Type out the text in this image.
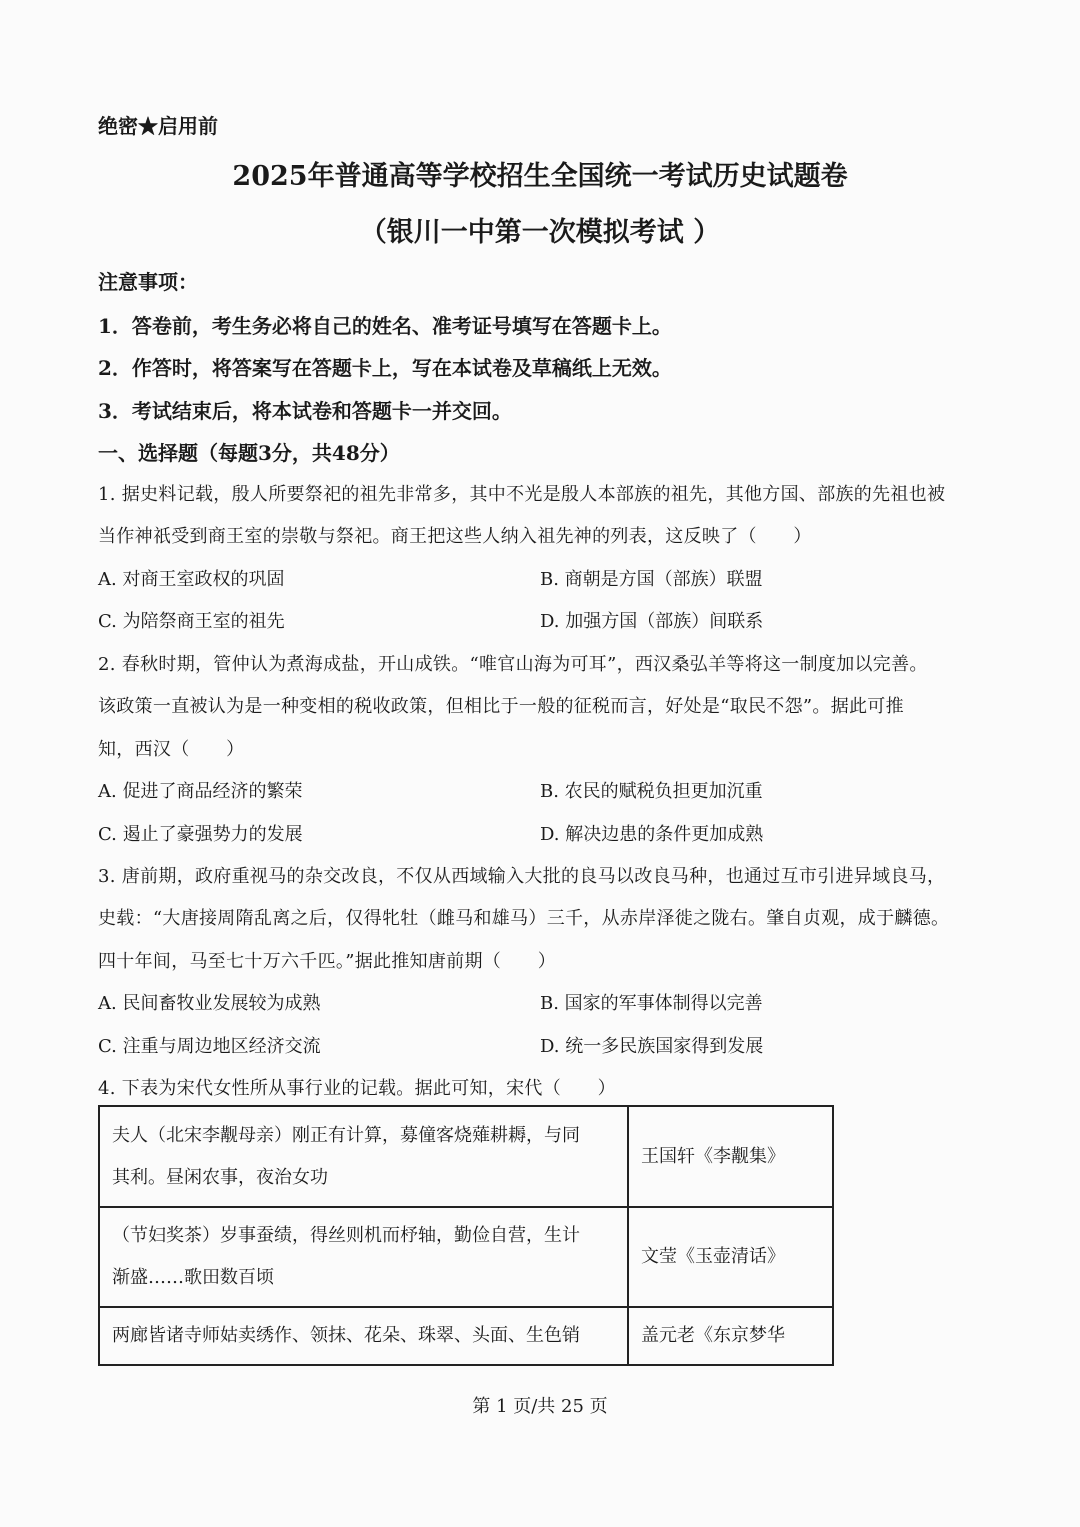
绝密★启用前
2025年普通高等学校招生全国统一考试历史试题卷
（银川一中第一次模拟考试 ）
注意事项：
1．答卷前，考生务必将自己的姓名、准考证号填写在答题卡上。
2．作答时，将答案写在答题卡上，写在本试卷及草稿纸上无效。
3．考试结束后，将本试卷和答题卡一并交回。
一、选择题（每题3分，共48分）
1. 据史料记载，殷人所要祭祀的祖先非常多，其中不光是殷人本部族的祖先，其他方国、部族的先祖也被
当作神祇受到商王室的崇敬与祭祀。商王把这些人纳入祖先神的列表，这反映了（　　）
A. 对商王室政权的巩固	B. 商朝是方国（部族）联盟
C. 为陪祭商王室的祖先	D. 加强方国（部族）间联系
2. 春秋时期，管仲认为煮海成盐，开山成铁。“唯官山海为可耳”，西汉桑弘羊等将这一制度加以完善。
该政策一直被认为是一种变相的税收政策，但相比于一般的征税而言，好处是“取民不怨”。据此可推
知，西汉（　　）
A. 促进了商品经济的繁荣	B. 农民的赋税负担更加沉重
C. 遏止了豪强势力的发展	D. 解决边患的条件更加成熟
3. 唐前期，政府重视马的杂交改良，不仅从西域输入大批的良马以改良马种，也通过互市引进异域良马，
史载：“大唐接周隋乱离之后，仅得牝牡（雌马和雄马）三千，从赤岸泽徙之陇右。肇自贞观，成于麟德。
四十年间，马至七十万六千匹。”据此推知唐前期（　　）
A. 民间畜牧业发展较为成熟	B. 国家的军事体制得以完善
C. 注重与周边地区经济交流	D. 统一多民族国家得到发展
4. 下表为宋代女性所从事行业的记载。据此可知，宋代（　　）
夫人（北宋李觏母亲）刚正有计算，募僮客烧薙耕耨，与同
其利。昼闲农事，夜治女功	王国轩《李觏集》

（节妇奖茶）岁事蚕绩，得丝则机而杼轴，勤俭自营，生计
渐盛……歌田数百顷	文莹《玉壶清话》

两廊皆诸寺师姑卖绣作、领抹、花朵、珠翠、头面、生色销	盖元老《东京梦华
第 1 页/共 25 页
